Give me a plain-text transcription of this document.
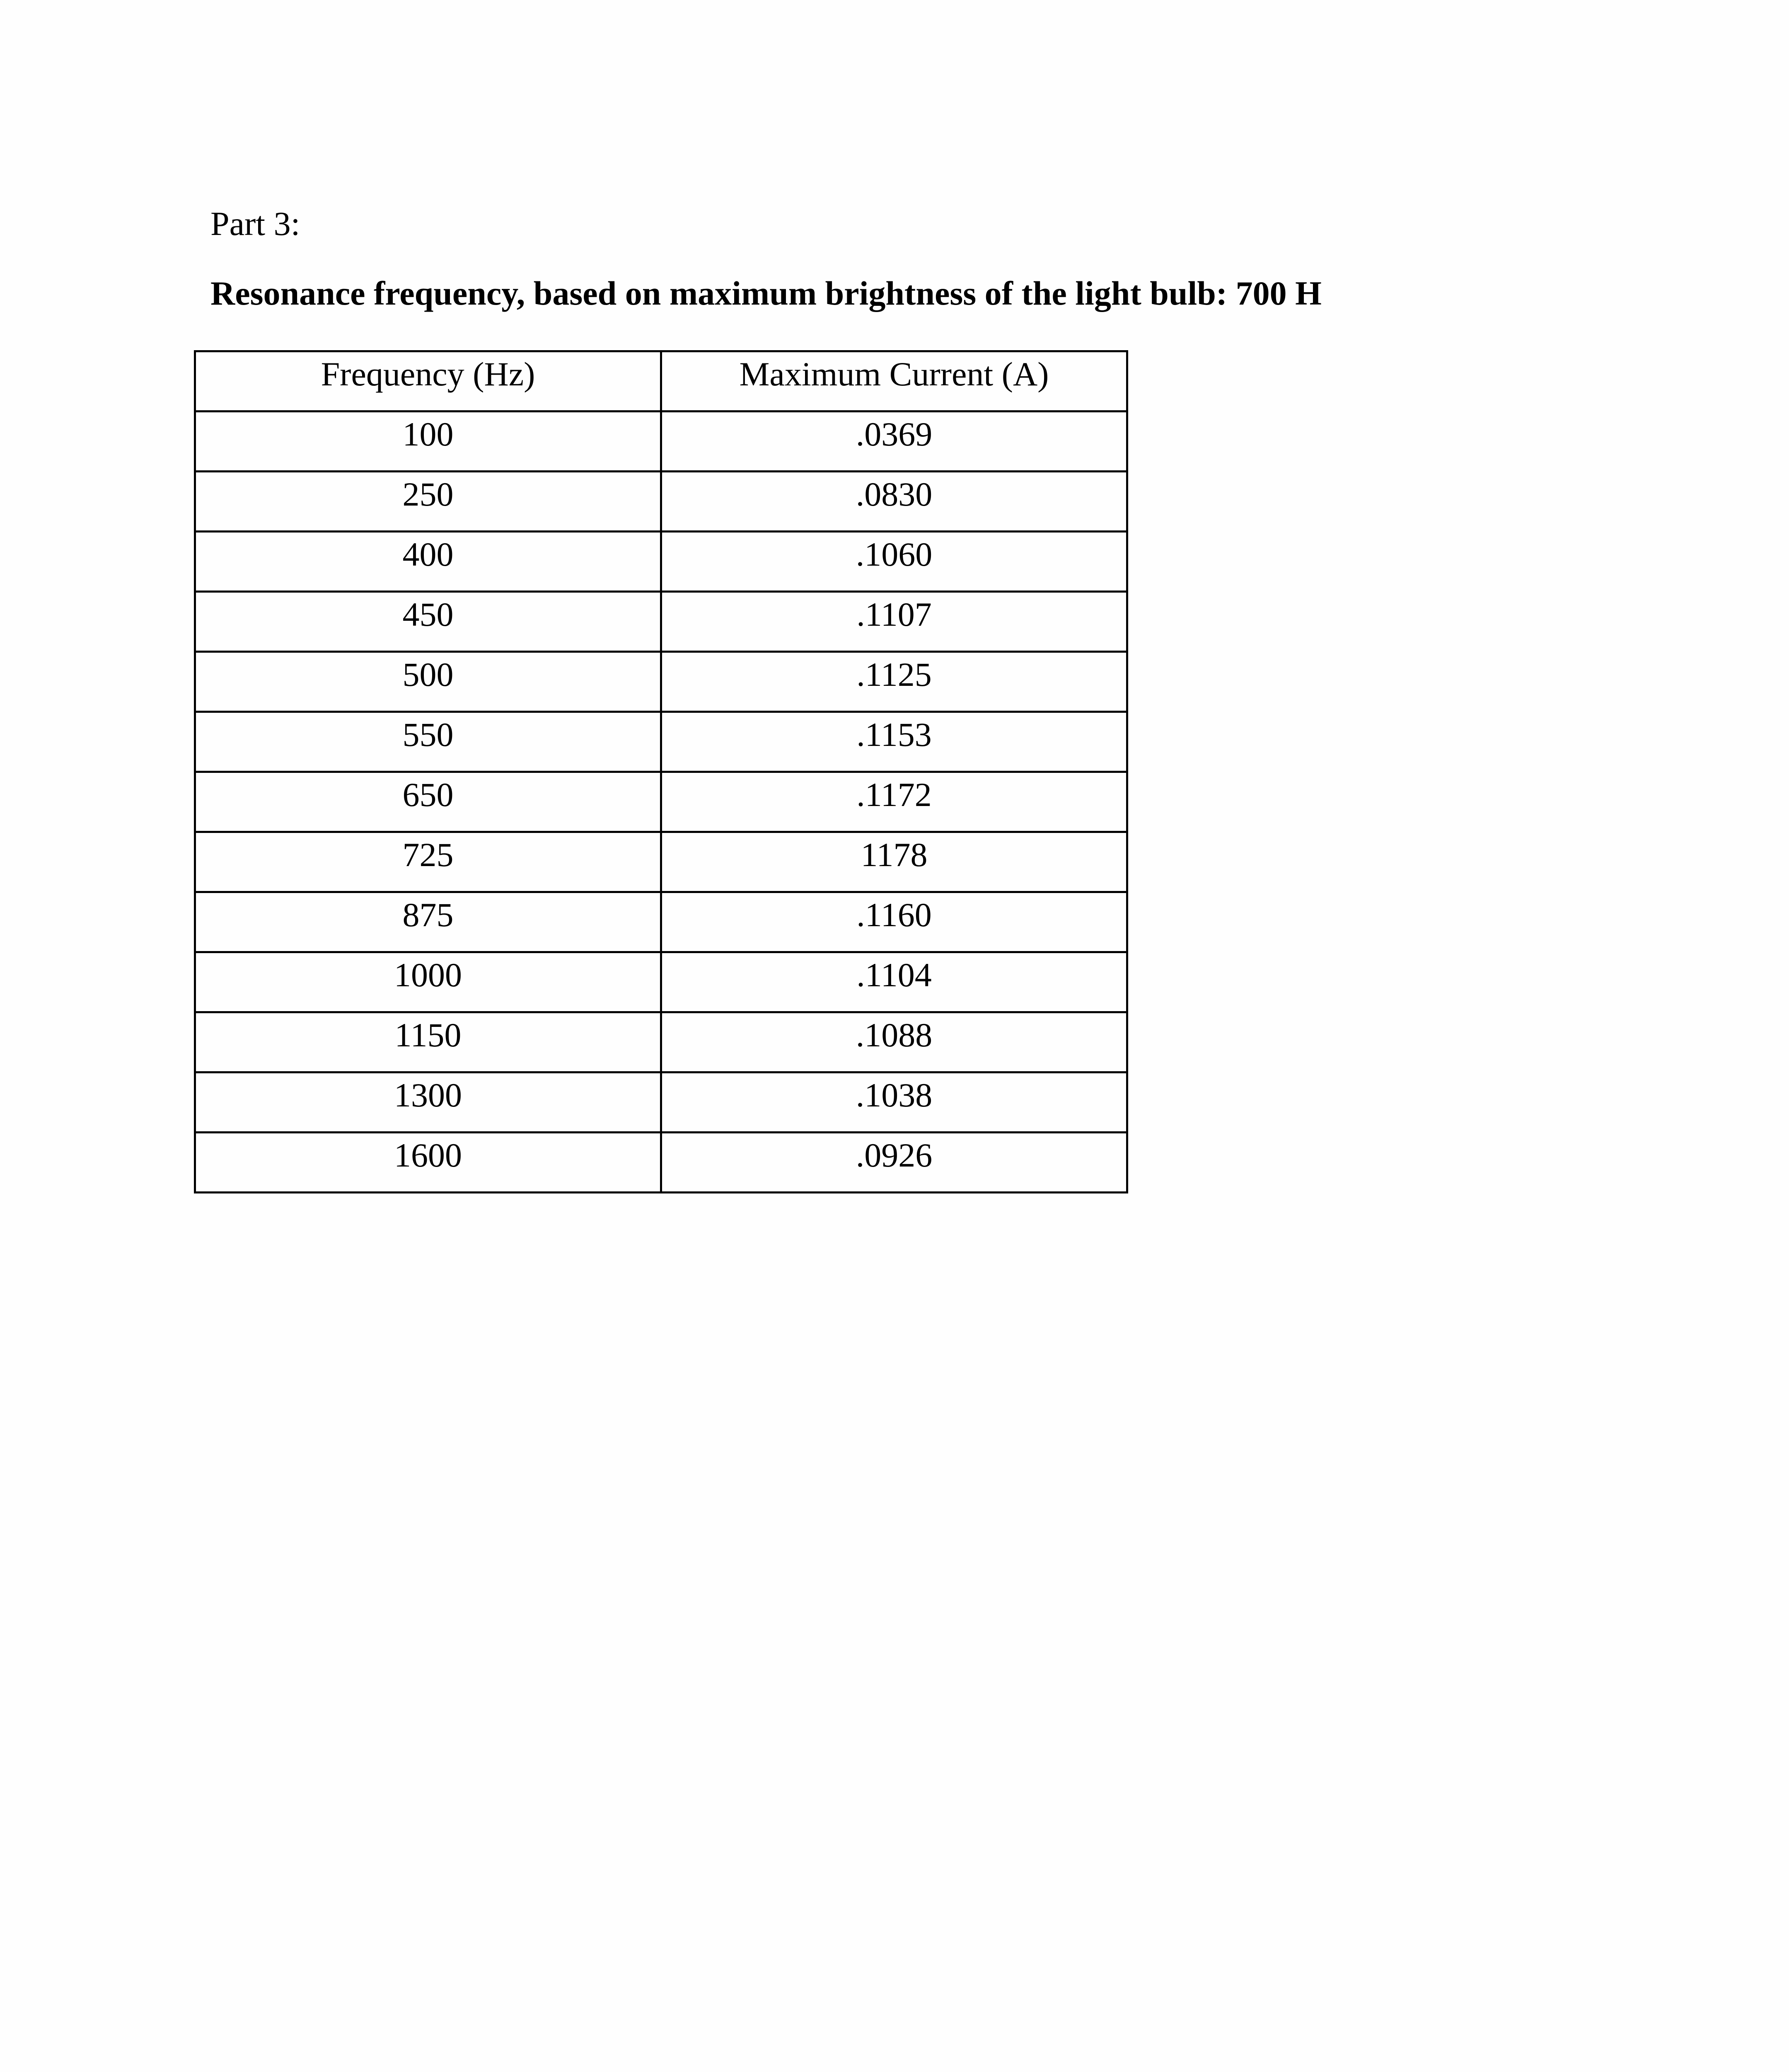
Part 3:
Resonance frequency, based on maximum brightness of the light bulb: 700 H
Frequency (Hz)	Maximum Current (A)

100	.0369

250	.0830

400	.1060

450	.1107

500	.1125

550	.1153

650	.1172

725	1178

875	.1160

1000	.1104

1150	.1088

1300	.1038

1600	.0926
